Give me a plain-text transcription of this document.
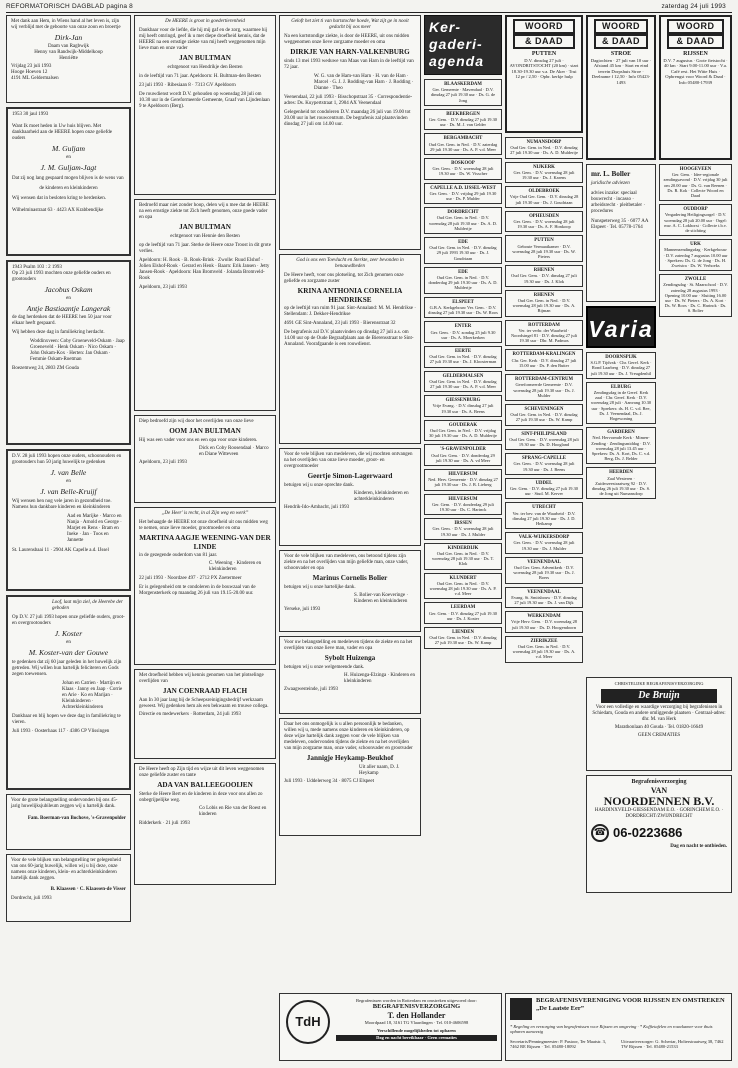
REFORMATORISCH DAGBLAD pagina 8	zaterdag 24 juli 1993
Met dank aan Hem, in Wiens hand al het leven is, zijn wij verblijd met de geboorte van onze zoon en broertje
Dirk-Jan
Daam van Ragbwijk
Henny van Randwijk-Middelkoop
Henriëtte
Vrijdag 23 juli 1993
Hooge Hoeven 12
4191 ML Geldermalsen
1953 30 jaul 1993
Want Ik moet heden in Uw huis blijven. Met dankbaarheid aan de HEERE hopen onze geliefde ouders
M. Guljam
en
J. M. Guljam-Jagt
Dat zij nog lang gespaard mogen blijven is de wens van
de kinderen en kleinkinderen
Wij wensen dat in besloten kring te herdenken.
Wilhelminastraat 63 · 4423 AX Krabbendijke
1943 Psalm 103 : 2 1993
Op 23 juli 1993 mochten onze geliefde ouders en grootouders
Jacobus Oskam
en
Antje Bastiaantje Langerak
de dag herdenken dat de HEERE hen 50 jaar voor elkaar heeft gespaard.
Wij hebben deze dag in familiekring herdacht.
Woddinxveen: Coby Groeneveld-Oskam · Jaap Groeneveld · Henk Oskam · Nico Oskam · John Oskam-Kox · Herten: Jan Oskam · Femmie Oskam-Roetman
Boezemweg 24, 2803 ZM Gouda
D.V. 28 juli 1993 hopen onze ouders, schoonouders en grootouders hun 50 jarig huwelijk te gedenken
J. van Belle
en
J. van Belle-Kruijf
Wij wensen hen nog vele jaren in gezondheid toe. Namens hun dankbare kinderen en kleinkinderen
Aad en Marijke · Marco en Nanja · Arnold en George · Marjet en Rens · Bram en Ineke · Jan · Toos en Jannette
St. Laurensbaai 11 · 2904 AK Capelle a.d. IJssel
Loof, laat mijn ziel, de Heerebe der geboden
Op D.V. 27 juli 1993 hopen onze geliefde ouders, groot- en overgrootouders
J. Koster
en
M. Koster-van der Gouwe
te gedenken dat zij 60 jaar geleden in het huwelijk zijn getreden. Wij willen hun hartelijk feliciteren en Gods zegen toewensen.
Johan en Catrien · Martijn en Klaas · Janny en Jaap · Corrie en Arie · Ko en Marijan · Kleinkinderen · Achterkleinkinderen
Dankbaar en blij hopen we deze dag in familiekring te vieren.
Juli 1993 · Oosterhaas 117 · 4386 CP Vlissingen
Voor de grote belangstelling ondervonden bij ons 45-jarig huwelijksjubileum zeggen wij u hartelijk dank.
Fam. Boerman-van Bochove, 's-Gravenpolder
Voor de vele blijken van belangstelling ter gelegenheid van ons 60-jarig huwelijk, willen wij u bij deze, onze namens onze kinderen, klein- en achterkleinkinderen hartelijk dank zeggen.
B. Klaassen · C. Klaassen-de Visser
Dordrecht, juli 1993
De HEERE is groot in goedertierenheid
Dankbaar voor de liefde, die hij mij gaf en de zorg, waarmee hij mij heeft omringd, geef ik u met diepe droefheid kennis, dat de HEERE na een ernstige ziekte van mij heeft weggenomen mijn lieve man en onze vader
JAN BULTMAN
echtgenoot van Hendrikje den Besten
in de leeftijd van 71 jaar. Apeldoorn: H. Bultman-den Besten
23 juli 1993 · Ribesiaan 8 · 7313 GV Apeldoorn
De rouwdienst wordt D.V. gehouden op woensdag 28 juli om 10.30 uur in de Gereformeerde Gemeente, Graaf van Lijndenlaan 9 te Apeldoorn (Berg).
Bedroefd maar niet zonder hoop, delen wij u mee dat de HEERE na een ernstige ziekte tot Zich heeft genomen, onze goede vader en opa
JAN BULTMAN
echtgenoot van Hennie den Besten
op de leeftijd van 71 jaar. Sterke de Heere onze Troost in dit grote verlies.
Apeldoorn: H. Rook · B. Rook-Brink · Zwolle: Ruud Elshof · Jolien Elshof-Rook · Gerard en Henk · Baarn: Erik Jansen · Jetty Jansen-Rook · Apeldoorn: Han Bromveld · Jolanda Bromveld-Rook
Apeldoorn, 23 juli 1993
Diep bedroefd zijn wij door het overlijden van onze lieve
OOM JAN BULTMAN
Hij was een vader voor ons en een opa voor onze kinderen.
Dick en Coby Roosendaal · Marco en Diane Witteveen
Apeldoorn, 23 juli 1993
„De Heer' is recht, in al Zijn weg en werk”
Het behaagde de HEERE tot onze droefheid uit ons midden weg te nemen, onze lieve moeder, grootmoeder en oma
MARTINA AAGJE WEENING-VAN DER LINDE
in de gezegende ouderdom van 81 jaar.
C. Weening · Kinderen en kleinkinderen
22 juli 1993 · Noordzee 497 · 2712 PX Zoetermeer
Er is gelegenheid om te condoleren in de bouwzaal van de Morgensterkerk op maandag 26 juli van 19.15-20.00 uur.
Met droefheid hebben wij kennis genomen van het plotselinge overlijden van
JAN COENRAAD FLACH
Aan In 30 jaar lang bij de Scheepsreinigingsbedrijf werkzaam geweest. Wij gedenken hem als een bekwaam en trouwe collega.
Directie en medewerkers · Rotterdam, 24 juli 1993
De Heere heeft op Zijn tijd en wijze uit dit leven weggenomen onze geliefde zuster en tante
ADA VAN BALLEEGOOIJEN
Sterke de Heere Bert en de kinderen in deze voor ons allen zo onbegrijpelijke weg.
Co Lobis en Rie van der Roest en kinderen
Ridderkerk · 21 juli 1993
Geloft het ziet ti van hartstochte hoede, Wat zijt ge in nooit gedacht bij oos meer
Na een kortstondige ziekte, is door de HEERE, uit ons midden weggenomen onze lieve zorgzame moeder en oma
DIRKJE VAN HARN-VALKENBURG
sinds 13 mei 1993 weduwe van Maas van Harn in de leeftijd van 72 jaar.
W. G. van de Ham-van Harn · H. van de Ham · Marcel · G. J. J. Rodding-van Harn · J. Rodding · Dianne · Theo
Veenendaal, 22 juli 1993 · Bisschopstraat 35 · Correspondentie-adres: Ds. Kuypertstraat 1, 2904 AX Veenendaal
Gelegenheid tot condoleren D.V. maandag 26 juli van 19.00 tot 20.00 uur in het rouwcentrum. De begrafenis zal plaatsvinden dinsdag 27 juli om 14.00 uur.
God is ons een Toevlucht en Sterkte, zeer bevonden in benauwdheden
De Heere heeft, voor ons plotseling, tot Zich genomen onze geliefde en zorgzame zuster
KRINA ANTHONIA CORNELIA HENDRIKSE
op de leeftijd van ruim 91 jaar. Sint-Annaland: M. M. Hendrikse · Stellendam: J. Dekker-Hendrikse
4691 GE Sint-Annaland, 23 juli 1993 · Bierensstraat 32
De begrafenis zal D.V. plaatsvinden op dinsdag 27 juli a.s. om 14.00 uur op de Oude Begraafplaats aan de Bierensstraat te Sint-Annaland. Voorafgaande is een rouwdienst.
Voor de vele blijken van medeleven, die wij mochten ontvangen na het overlijden van onze lieve moeder, groot- en overgrootmoeder
Geertje Simon-Lagerwaard
betuigen wij u onze oprechte dank.
Kinderen, kleinkinderen en achterkleinkinderen
Hendrik-Ido-Ambacht, juli 1993
Voor de vele blijken van medeleven, ons betoond tijdens zijn ziekte en na het overlijden van mijn geliefde man, onze vader, schoonvader en opa
Marinus Cornelis Bolier
betuigen wij u onze hartelijke dank.
S. Bolier-van Koeveringe · Kinderen en kleinkinderen
Yerseke, juli 1993
Voor uw belangstelling en medeleven tijdens de ziekte en na het overlijden van onze lieve man, vader en opa
Sybolt Huizenga
betuigen wij u onze welgemeende dank.
H. Huizenga-Elzinga · Kinderen en kleinkinderen
Zwaagwesteinde, juli 1993
Daar het ons onmogelijk is u allen persoonlijk te bedanken, willen wij u, mede namens onze kinderen en kleinkinderen, op deze wijze hartelijk dank zeggen voor de vele blijken van medeleven, ondervonden tijdens de ziekte en na het overlijden van mijn zorgzame man, onze vader, schoonvader en grootvader
Jannigje Heykamp-Beukhof
Uit aller naam, D. J. Heykamp
Juli 1993 · Uddelerweg 34 · 8075 CJ Elspeet
Ker-
gaderi-
agenda
BLAASKERDAM
Ger. Gemeente · Mavendaal · D.V. dinsdag 27 juli 19.30 uur · Ds. G. de Jong
BEEKBERGEN
Ger. Gem. · D.V. dinsdag 27 juli 19.30 uur · Ds. M. J. van Gelder
BERGAMBACHT
Oud Ger. Gem. in Ned. · D.V. zaterdag 29 juli 19.30 uur · Ds. A. P. v.d. Meer
BOSKOOP
Ger. Gem. · D.V. woensdag 28 juli 19.30 uur · Ds. W. Visscher
CAPELLE A.D. IJSSEL-WEST
Ger. Gem. · D.V. vrijdag 29 juli 19.30 uur · Ds. P. Mulder
DORDRECHT
Oud Ger. Gem. in Ned. · D.V. woensdag 28 juli 19.30 uur · Ds. A. D. Mulderije
EDE
Oud Ger. Gem. in Ned. · D.V. dinsdag 29 juli 1993 19.30 uur · Ds. J. Goudriaan
EDE
Oud Ger. Gem. in Ned. · D.V. donderdag 29 juli 19.30 uur · Ds. A. D. Mulderije
ELSPEET
G.B.A. Kerkgebouw Ver. Gem. · D.V. dinsdag 27 juli 19.30 uur · Ds. W. Roos
ENTER
Ger. Gem. · D.V. zondag 25 juli 9.30 uur · Ds. A. Moerkerken
EERTE
Oud Ger. Gem. in Ned. · D.V. dinsdag 27 juli 19.30 uur · Ds. J. Kloosterman
GELDERMALSEN
Oud Ger. Gem. in Ned. · D.V. dinsdag 27 juli 19.30 uur · Ds. A. P. v.d. Meer
GIESSENBURG
Vrije Evang. · D.V. dinsdag 27 juli 19.30 uur · Ds. A. Beens
GOUDERAK
Oud Ger. Gem. in Ned. · D.V. vrijdag 30 juli 19.30 uur · Ds. A. D. Mulderije
'S-GRAVENPOLDER
Oud Ger. Gem. · D.V. donderdag 29 juli 19.30 uur · Ds. A. vd Meer
HILVERSUM
Ned. Herv. Gemeente · D.V. dinsdag 27 juli 19.30 uur · Ds. J. B. Lieberg
HILVERSUM
Ger. Gem. · D.V. donderdag 29 juli 19.30 uur · Ds. C. Harinck
IRSSEN
Ger. Gem. · D.V. woensdag 28 juli 19.30 uur · Ds. J. Mulder
KINDERDIJK
Oud Ger. Gem. in Ned. · D.V. woensdag 28 juli 19.30 uur · Ds. T. Klok
KLUNDERT
Oud Ger. Gem. in Ned. · D.V. woensdag 28 juli 19.30 uur · Ds. A. P. v.d. Meer
LEERDAM
Ger. Gem. · D.V. dinsdag 27 juli 19.30 uur · Ds. J. Koster
LIENDEN
Oud Ger. Gem. in Ned. · D.V. dinsdag 27 juli 19.30 uur · Ds. W. Kamp
WOORD
& DAAD
PUTTEN
D.V. dinsdag 27 juli · AVONDRITSTOCHT (20 km) · start 18.30-19.30 uur v.a. De Aker · Trui 12 pr / 2,50 · Opbr. kerkje hulp
NUMANSDORP
Oud Ger. Gem. in Ned. · D.V. dinsdag 27 juli 19.30 uur · Ds. A. D. Mulderije
NIJKERK
Ger. Gem. · D.V. woensdag 28 juli 19.30 uur · Ds. J. Karens
OLDEBROEK
Vrije Oud Ger. Gem. · D.V. dinsdag 28 juli 19.30 uur · Ds. J. Goudriaan
OPHEUSDEN
Ger. Gem. · D.V. woensdag 28 juli 19.30 uur · Ds. A. F. Honkoop
PUTTEN
Geboute Vermaatkamer · D.V. woensdag 28 juli 19.30 uur · Ds. W. Pieters
RHENEN
Oud Ger. Gem. · D.V. dinsdag 27 juli 19.30 uur · Ds. J. Klok
RHENEN
Oud Ger. Gem. in Ned. · D.V. woensdag 28 juli 19.30 uur · Ds. A. Bijman
ROTTERDAM
Ver. ter verbr. der Waarheid · Noordsingel 81 · D.V. dinsdag 27 juli 19.30 uur · Dhr. M. Padmos
ROTTERDAM-KRALINGEN
Chr. Ger. Kerk · D.V. dinsdag 27 juli 15.00 uur · Ds. P. den Butter
ROTTERDAM-CENTRUM
Gereformeerde Gemeente · D.V. woensdag 28 juli 19.30 uur · Ds. J. Mulder
SCHEVENINGEN
Oud Ger. Gem. in Ned. · D.V. dinsdag 27 juli 19.30 uur · Ds. W. Kamp
SINT-PHILIPSLAND
Oud Ger. Gem. · D.V. woensdag 28 juli 19.30 uur · Ds. D. Hoogland
SPRANG-CAPELLE
Ger. Gem. · D.V. woensdag 28 juli 19.30 uur · Ds. J. Beens
UDDEL
Ger. Gem. · D.V. dinsdag 27 juli 19.30 uur · Stud. M. Kerver
UTRECHT
Ver. ter bev. van de Waarheid · D.V. dinsdag 27 juli 19.30 uur · Ds. J. D. Heikamp
VALK-WIJKERSDORP
Ger. Gem. · D.V. woensdag 28 juli 19.30 uur · Ds. J. Mulder
VEENENDAAL
Oud Ger. Gem. Adventkerk · D.V. woensdag 28 juli 19.30 uur · Ds. J. Boers
VEENENDAAL
Evang. St. Smitsbouw · D.V. dinsdag 27 juli 19.30 uur · Ds. J. van Dijk
WERKENDAM
Vrije Herv. Gem. · D.V. woensdag 28 juli 19.30 uur · Ds. D. Hoogendoorn
ZIERIKZEE
Oud Ger. Gem. in Ned. · D.V. woensdag 28 juli 19.30 uur · Ds. A. v.d. Meer
WOORD
& DAAD
STROE
Dagtochten · 27 juli van 10 uur · Afstand 45 km · Start en eind terrein Dorpshuis Stroe · Deelname f 12,50 · Info 05423-1493
mr. L. Boller
juridische adviezen
advies inzake: speciaal bouwrecht · incasso · arbeidsrecht · pleitbetaler · procedures
Nunspeterweg 35 · 6077 AA Elspeet · Tel. 05778-1764
Varia
DOORNSPIJK
S.G.P. Tijdvak · Chr. Geref. Kerk · Rond Laarberg · D.V. dinsdag 27 juli 19.30 uur · Ds. J. Vreugdenhil
ELBURG
Zendingsdag in de Geref. Kerk zaal · Chr. Geref. Kerk · D.V. woensdag 28 juli · Aanvang 10.30 uur · Sprekers: ds. H. C. v.d. Ree, Ds. J. Veenendaal, Ds. J. Hogewoning
GARDEREN
Ned. Hervormde Kerk · Mimen-Zending · Zendingsmiddag · D.V. woensdag 28 juli 13.45 uur · Sprekers: Ds. A. Kort, Ds. C. v.d. Berg, Ds. J. Belder
HEERDEN
Zaal Westeren · Zuiderzeestraatweg 92 · D.V. dinsdag 26 juli 19.30 uur · Ds. S. de Jong uit Numansdorp
WOORD
& DAAD
RIJSSEN
D.V. 7 augustus · Grote fietstocht · 40 km · Start 9.00-11.00 uur · V.a. Café rest. Het Witte Huis · Opbrengst voor Woord & Daad · Info 05480-17939
HOOGEVEEN
Ger. Gem. · Idee-regionale zendingsavond · D.V. vrijdag 30 juli om 20.00 uur · Ds. G. van Reenen · Ds. R. Kok · Collecte Woord en Daad
OUDDORP
Vergadering Heiligingsorgel · D.V. woensdag 28 juli 20.00 uur · Orgel: mw. A. C. Lokhorst · Collecte t.b.v. de stichting
URK
Mannenzendingsdag · Kerkgebouw · D.V. zaterdag 7 augustus 10.00 uur · Sprekers: Ds. G. de Jong · Ds. H. Zweistra · Ds. W. Verhoeks
ZWOLLE
Zendingsdag · St. Maarschool · D.V. zaterdag 28 augustus 1993 · Opening 10.00 uur · Sluiting 16.00 uur · Ds. W. Pieters · Ds. A. Kort · Ds. W. Roos · Ds. C. Harinck · Ds. S. Bolier
CHRISTELIJKE BEGRAFENISVERZORGING
De Bruijn
Voor een volledige en waardige verzorging bij begrafenissen in Schiedam, Gouda en andere omliggende plaatsen · Centraal-adres: dhr. M. van Herk
Marathonlaan 40 Gouda · Tel. 01820-16649
GEEN CREMATIES
Begrafenisverzorging
VAN
NOORDENNEN B.V.
HARDINXVELD-GIESSENDAM E.O. · GORINCHEM E.O. · DORDRECHT/ZWIJNDRECHT
☎ 06-0223686
Dag en nacht te ontbieden.
TdH
Begrafenissen worden in Rotterdam en omstreken uitgevoerd door:
BEGRAFENISVERZORGING
T. den Hollander
Moordpaad 18, 3161 TG Vlaardingen · Tel. 010-4606598
Verschillende mogelijkheden tot opbaren
Dag en nacht bereikbaar · Geen crematies
BEGRAFENISVERENIGING VOOR RIJSSEN EN OMSTREKEN „De Laatste Eer”
* Regeling en verzorging van begrafenissen voor Rijssen en omgeving · * Koffietafelen en rouwkamer voor thuis opbaren aanwezig
Secretaris/Penningmeester: P. Pastoor, Ter Maatstr. 3, 7462 RE Rijssen · Tel. 05480-18092
Uitvaartverzorger: G. Scheriar, Holterstraatweg 38, 7462 TW Rijssen · Tel. 05480-21533
